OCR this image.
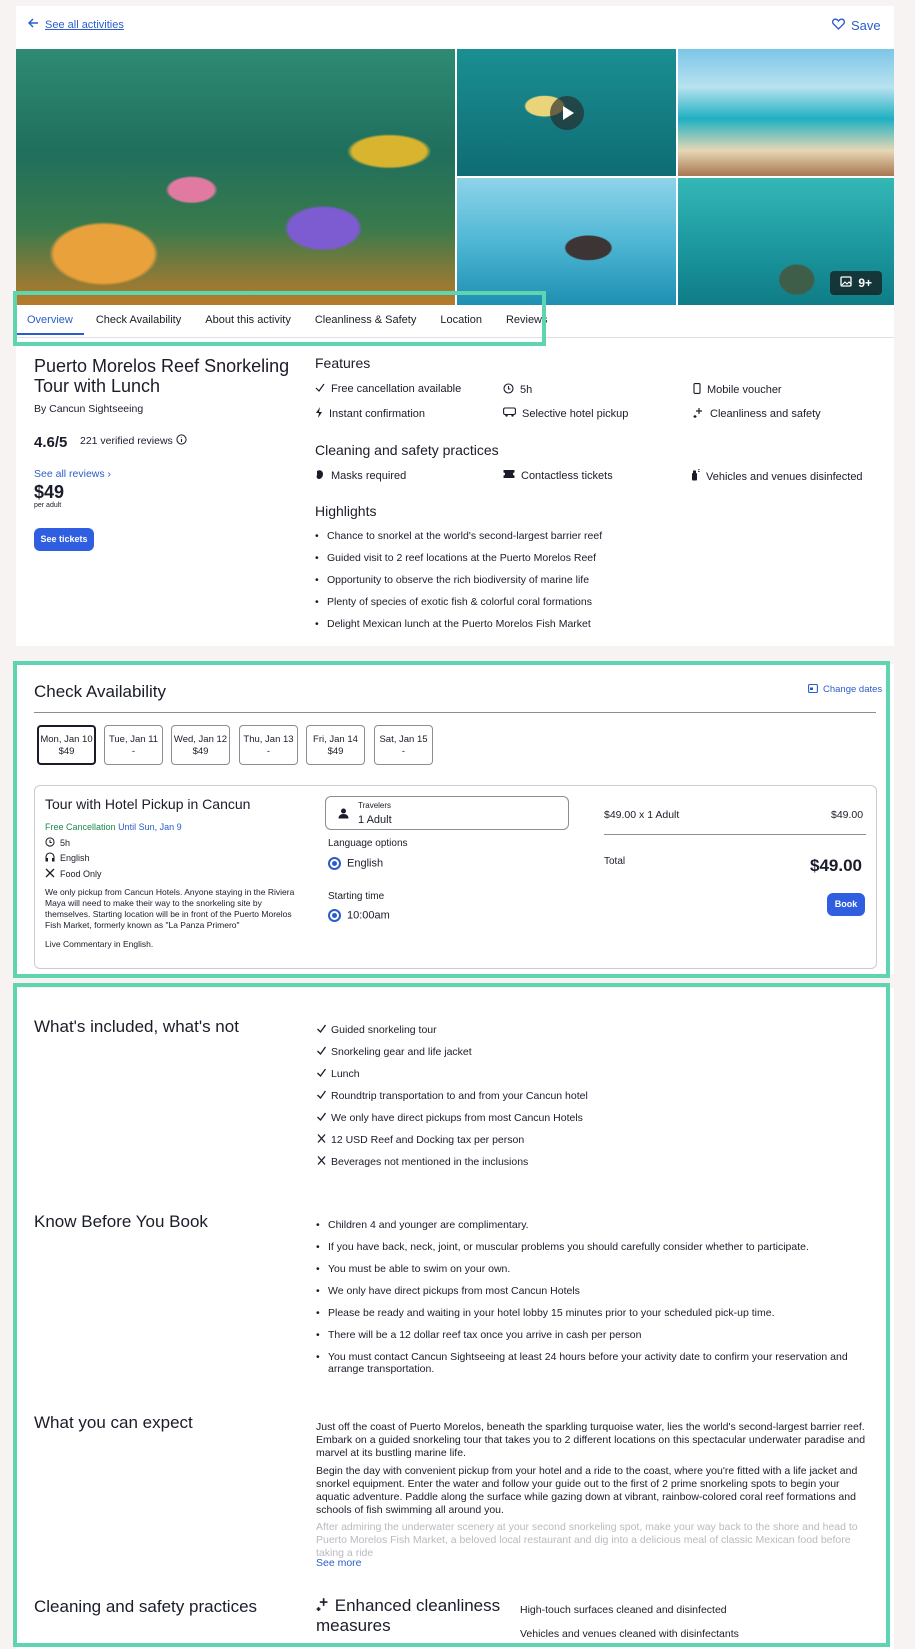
See all activities	Save
9+
Overview	Check Availability	About this activity	Cleanliness & Safety	Location	Reviews
Puerto Morelos Reef Snorkeling Tour with Lunch
By Cancun Sightseeing
4.6/5 221 verified reviews
See all reviews ›
$49
per adult
See tickets
Features
Free cancellation available	5h	Mobile voucher
Instant confirmation	Selective hotel pickup	Cleanliness and safety
Cleaning and safety practices
Masks required	Contactless tickets	Vehicles and venues disinfected
Highlights
• Chance to snorkel at the world's second-largest barrier reef
• Guided visit to 2 reef locations at the Puerto Morelos Reef
• Opportunity to observe the rich biodiversity of marine life
• Plenty of species of exotic fish & colorful coral formations
• Delight Mexican lunch at the Puerto Morelos Fish Market
Check Availability	Change dates
Mon, Jan 10
$49
Tue, Jan 11
-
Wed, Jan 12
$49
Thu, Jan 13
-
Fri, Jan 14
$49
Sat, Jan 15
-
Tour with Hotel Pickup in Cancun
Free Cancellation Until Sun, Jan 9
5h
English
Food Only
We only pickup from Cancun Hotels. Anyone staying in the Riviera Maya will need to make their way to the snorkeling site by themselves. Starting location will be in front of the Puerto Morelos Fish Market, formerly known as "La Panza Primero"
Live Commentary in English.
Travelers
1 Adult
Language options
English
Starting time
10:00am
$49.00 x 1 Adult	$49.00
Total	$49.00
Book
What's included, what's not	Guided snorkeling tour
Snorkeling gear and life jacket
Lunch
Roundtrip transportation to and from your Cancun hotel
We only have direct pickups from most Cancun Hotels
12 USD Reef and Docking tax per person
Beverages not mentioned in the inclusions
Know Before You Book
•	Children 4 and younger are complimentary.
• If you have back, neck, joint, or muscular problems you should carefully consider whether to participate.
• You must be able to swim on your own.
• We only have direct pickups from most Cancun Hotels
• Please be ready and waiting in your hotel lobby 15 minutes prior to your scheduled pick-up time.
• There will be a 12 dollar reef tax once you arrive in cash per person
• You must contact Cancun Sightseeing at least 24 hours before your activity date to confirm your reservation and arrange transportation.
What you can expect	Just off the coast of Puerto Morelos, beneath the sparkling turquoise water, lies the world's second-largest barrier reef. Embark on a guided snorkeling tour that takes you to 2 different locations on this spectacular underwater paradise and marvel at its bustling marine life.
Begin the day with convenient pickup from your hotel and a ride to the coast, where you're fitted with a life jacket and snorkel equipment. Enter the water and follow your guide out to the first of 2 prime snorkeling spots to begin your aquatic adventure. Paddle along the surface while gazing down at vibrant, rainbow-colored coral reef formations and schools of fish swimming all around you.
After admiring the underwater scenery at your second snorkeling spot, make your way back to the shore and head to Puerto Morelos Fish Market, a beloved local restaurant and dig into a delicious meal of classic Mexican food before taking a ride
See more
Cleaning and safety practices	Enhanced cleanliness measures
High-touch surfaces cleaned and disinfected
Vehicles and venues cleaned with disinfectants
